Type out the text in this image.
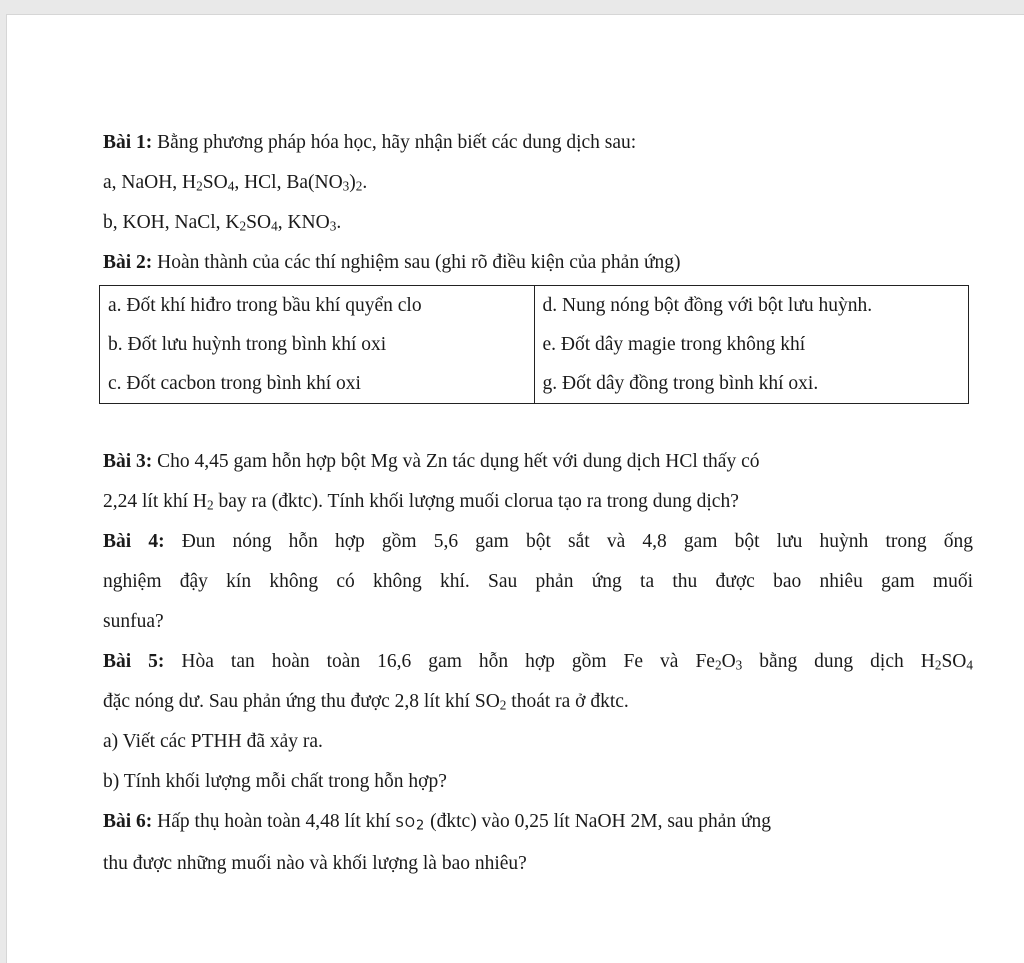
Bài 1: Bằng phương pháp hóa học, hãy nhận biết các dung dịch sau:

a, NaOH, $H_2SO_4$, HCl, $Ba(NO_3)_2$.

b, KOH, NaCl, $K_2SO_4$, $KNO_3$.

Bài 2: Hoàn thành của các thí nghiệm sau (ghi rõ điều kiện của phản ứng)

a. Đốt khí hiđro trong bầu khí quyển clo	d. Nung nóng bột đồng với bột lưu huỳnh.
b. Đốt lưu huỳnh trong bình khí oxi	e. Đốt dây magie trong không khí
c. Đốt cacbon trong bình khí oxi	g. Đốt dây đồng trong bình khí oxi.

Bài 3: Cho 4,45 gam hỗn hợp bột Mg và Zn tác dụng hết với dung dịch HCl thấy có

2,24 lít khí $H_2$ bay ra (đktc). Tính khối lượng muối clorua tạo ra trong dung dịch?

Bài 4: Đun nóng hỗn hợp gồm 5,6 gam bột sắt và 4,8 gam bột lưu huỳnh trong ống

nghiệm đậy kín không có không khí. Sau phản ứng ta thu được bao nhiêu gam muối

sunfua?

Bài 5: Hòa tan hoàn toàn 16,6 gam hỗn hợp gồm Fe và $Fe_2O_3$ bằng dung dịch $H_2SO_4$

đặc nóng dư. Sau phản ứng thu được 2,8 lít khí $SO_2$ thoát ra ở đktc.

a) Viết các PTHH đã xảy ra.

b) Tính khối lượng mỗi chất trong hỗn hợp?

Bài 6: Hấp thụ hoàn toàn 4,48 lít khí $SO_2$ (đktc) vào 0,25 lít NaOH 2M, sau phản ứng

thu được những muối nào và khối lượng là bao nhiêu?
